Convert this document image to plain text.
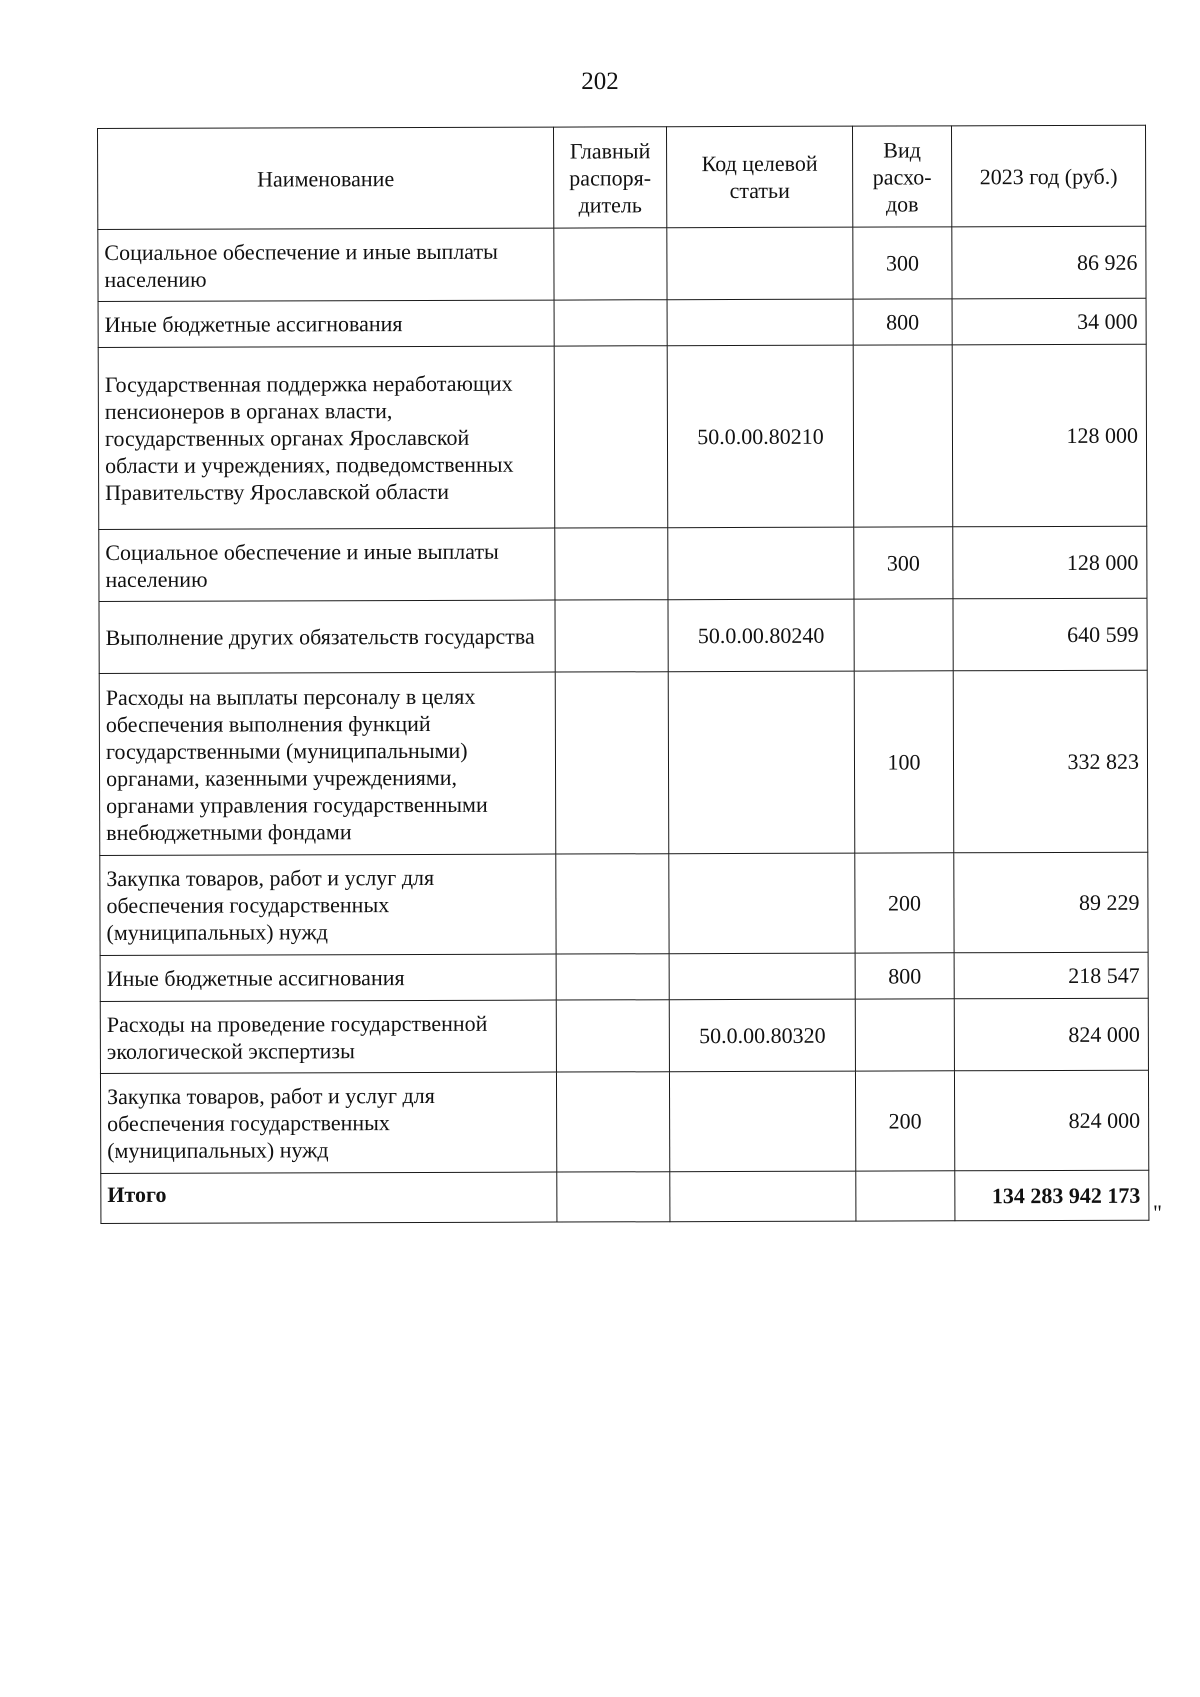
202
Наименование	Главный распоря-дитель	Код целевой статьи	Вид расхо-дов	2023 год (руб.)
Социальное обеспечение и иные выплаты населению			300	86 926
Иные бюджетные ассигнования			800	34 000
Государственная поддержка неработающих пенсионеров в органах власти, государственных органах Ярославской области и учреждениях, подведомственных Правительству Ярославской области		50.0.00.80210		128 000
Социальное обеспечение и иные выплаты населению			300	128 000
Выполнение других обязательств государства		50.0.00.80240		640 599
Расходы на выплаты персоналу в целях обеспечения выполнения функций государственными (муниципальными) органами, казенными учреждениями, органами управления государственными внебюджетными фондами			100	332 823
Закупка товаров, работ и услуг для обеспечения государственных (муниципальных) нужд			200	89 229
Иные бюджетные ассигнования			800	218 547
Расходы на проведение государственной экологической экспертизы		50.0.00.80320		824 000
Закупка товаров, работ и услуг для обеспечения государственных (муниципальных) нужд			200	824 000
Итого				134 283 942 173
"
